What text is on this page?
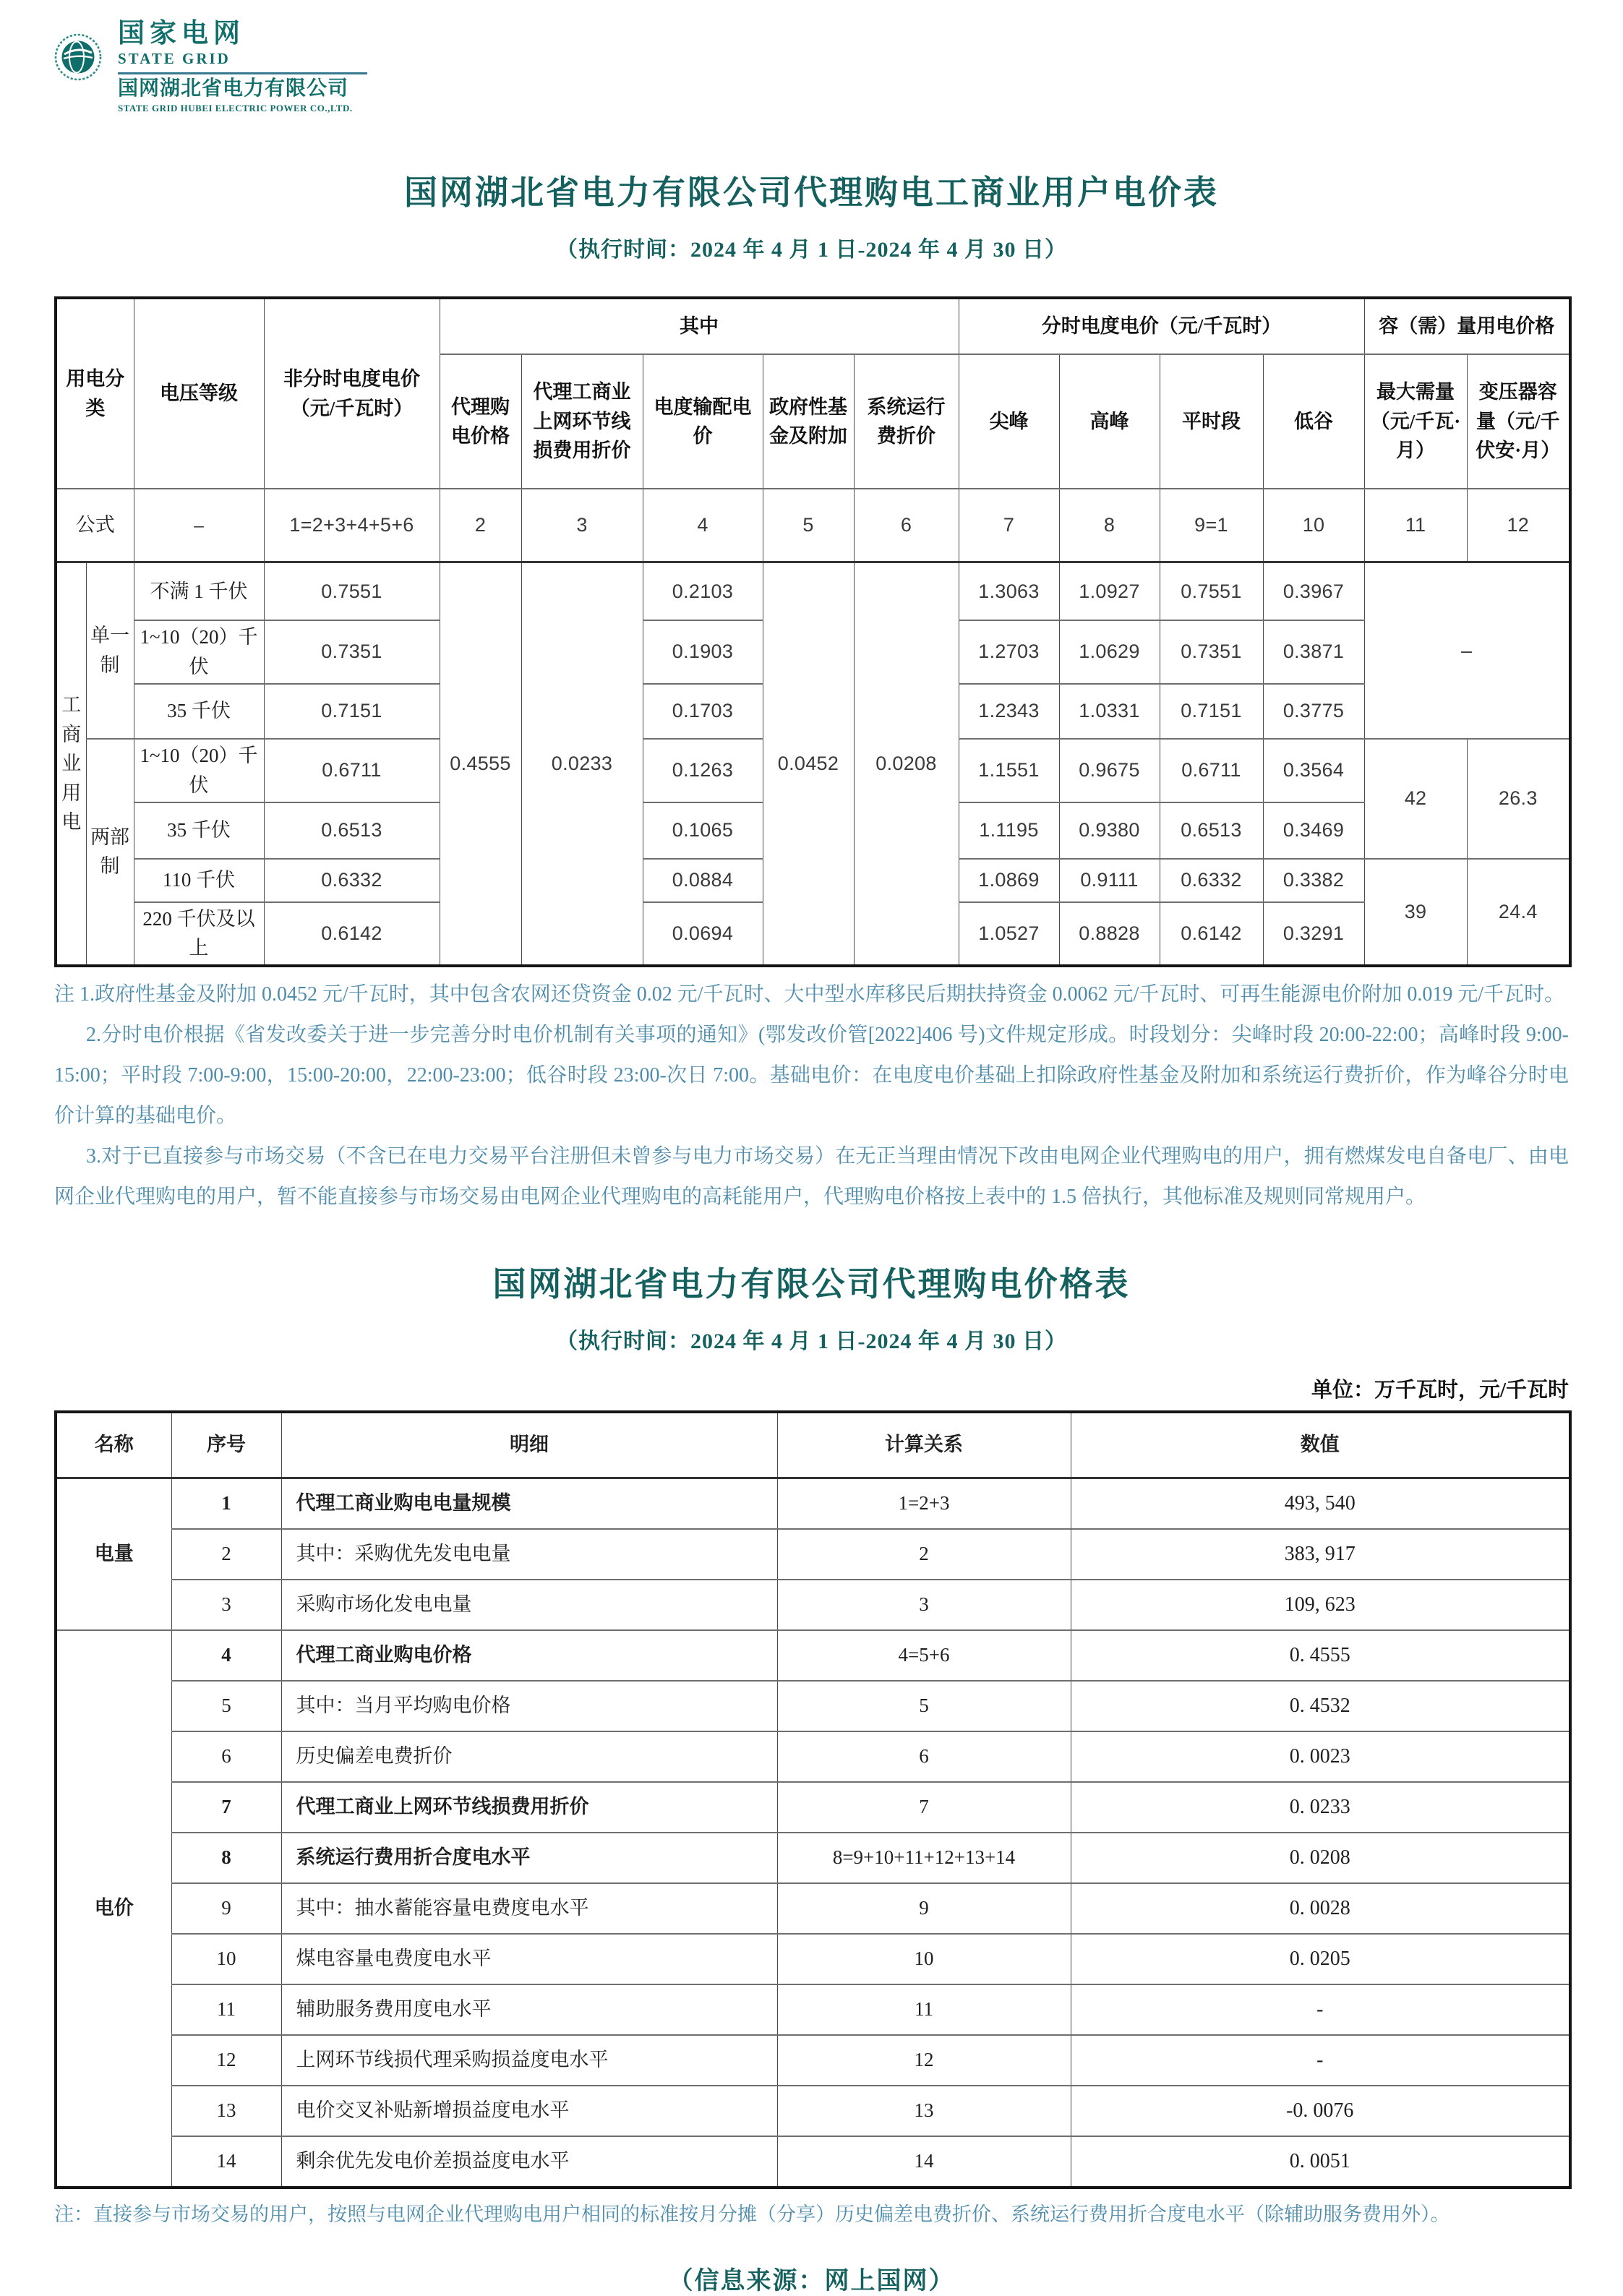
国家电网
STATE GRID
国网湖北省电力有限公司
STATE GRID HUBEI ELECTRIC POWER CO.,LTD.
国网湖北省电力有限公司代理购电工商业用户电价表
（执行时间：2024 年 4 月 1 日-2024 年 4 月 30 日）
用电分类		电压等级	非分时电度电价（元/千瓦时）	其中					分时电度电价（元/千瓦时）				容（需）量用电价格	
				代理购电价格	代理工商业上网环节线损费用折价	电度输配电价	政府性基金及附加	系统运行费折价	尖峰	高峰	平时段	低谷	最大需量（元/千瓦·月）	变压器容量（元/千伏安·月）
公式		–	1=2+3+4+5+6	2	3	4	5	6	7	8	9=1	10	11	12
工商业用电	单一制	不满 1 千伏	0.7551	0.4555	0.0233	0.2103	0.0452	0.0208	1.3063	1.0927	0.7551	0.3967	–	
		1~10（20）千伏	0.7351			0.1903			1.2703	1.0629	0.7351	0.3871		
		35 千伏	0.7151			0.1703			1.2343	1.0331	0.7151	0.3775		
	两部制	1~10（20）千伏	0.6711			0.1263			1.1551	0.9675	0.6711	0.3564	42	26.3
		35 千伏	0.6513			0.1065			1.1195	0.9380	0.6513	0.3469		
		110 千伏	0.6332			0.0884			1.0869	0.9111	0.6332	0.3382	39	24.4
		220 千伏及以上	0.6142			0.0694			1.0527	0.8828	0.6142	0.3291		

注 1.政府性基金及附加 0.0452 元/千瓦时，其中包含农网还贷资金 0.02 元/千瓦时、大中型水库移民后期扶持资金 0.0062 元/千瓦时、可再生能源电价附加 0.019 元/千瓦时。

2.分时电价根据《省发改委关于进一步完善分时电价机制有关事项的通知》(鄂发改价管[2022]406 号)文件规定形成。时段划分：尖峰时段 20:00-22:00；高峰时段 9:00-15:00；平时段 7:00-9:00，15:00-20:00，22:00-23:00；低谷时段 23:00-次日 7:00。基础电价：在电度电价基础上扣除政府性基金及附加和系统运行费折价，作为峰谷分时电价计算的基础电价。

3.对于已直接参与市场交易（不含已在电力交易平台注册但未曾参与电力市场交易）在无正当理由情况下改由电网企业代理购电的用户，拥有燃煤发电自备电厂、由电网企业代理购电的用户，暂不能直接参与市场交易由电网企业代理购电的高耗能用户，代理购电价格按上表中的 1.5 倍执行，其他标准及规则同常规用户。

国网湖北省电力有限公司代理购电价格表
（执行时间：2024 年 4 月 1 日-2024 年 4 月 30 日）
单位：万千瓦时，元/千瓦时
名称	序号	明细	计算关系	数值
电量	1	代理工商业购电电量规模	1=2+3	493, 540
	2	其中：采购优先发电电量	2	383, 917
	3	采购市场化发电电量	3	109, 623
电价	4	代理工商业购电价格	4=5+6	0. 4555
	5	其中：当月平均购电价格	5	0. 4532
	6	历史偏差电费折价	6	0. 0023
	7	代理工商业上网环节线损费用折价	7	0. 0233
	8	系统运行费用折合度电水平	8=9+10+11+12+13+14	0. 0208
	9	其中：抽水蓄能容量电费度电水平	9	0. 0028
	10	煤电容量电费度电水平	10	0. 0205
	11	辅助服务费用度电水平	11	-
	12	上网环节线损代理采购损益度电水平	12	-
	13	电价交叉补贴新增损益度电水平	13	-0. 0076
	14	剩余优先发电价差损益度电水平	14	0. 0051
注：直接参与市场交易的用户，按照与电网企业代理购电用户相同的标准按月分摊（分享）历史偏差电费折价、系统运行费用折合度电水平（除辅助服务费用外）。
（信息来源：网上国网）
